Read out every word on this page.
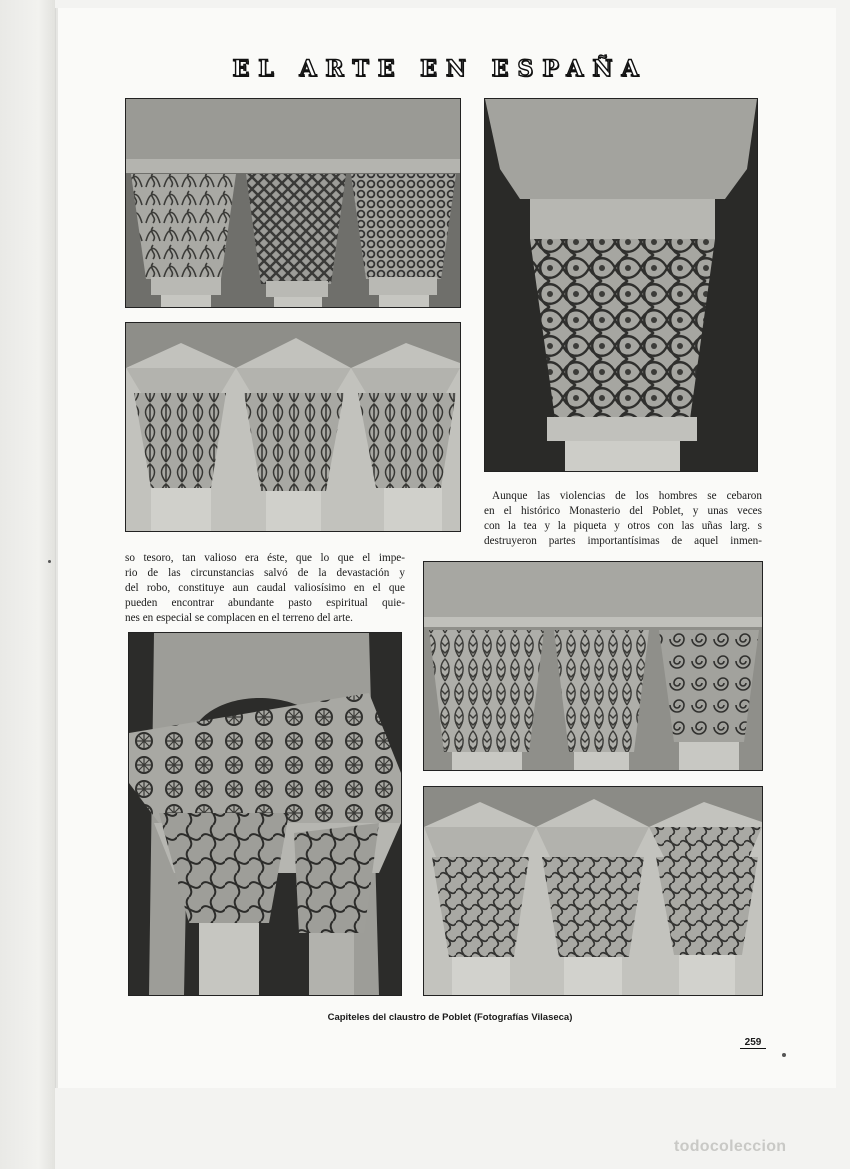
EL ARTE EN ESPAÑA

Aunque las violencias de los hombres se cebaron

en el histórico Monasterio del Poblet, y unas veces

con la tea y la piqueta y otros con las uñas larg. s

destruyeron partes importantísimas de aquel inmen-

so tesoro, tan valioso era éste, que lo que el impe-

rio de las circunstancias salvó de la devastación y

del robo, constituye aun caudal valiosísimo en el que

pueden encontrar abundante pasto espiritual quie-

nes en especial se complacen en el terreno del arte.

Capiteles del claustro de Poblet (Fotografías Vilaseca)
259
todocoleccion
